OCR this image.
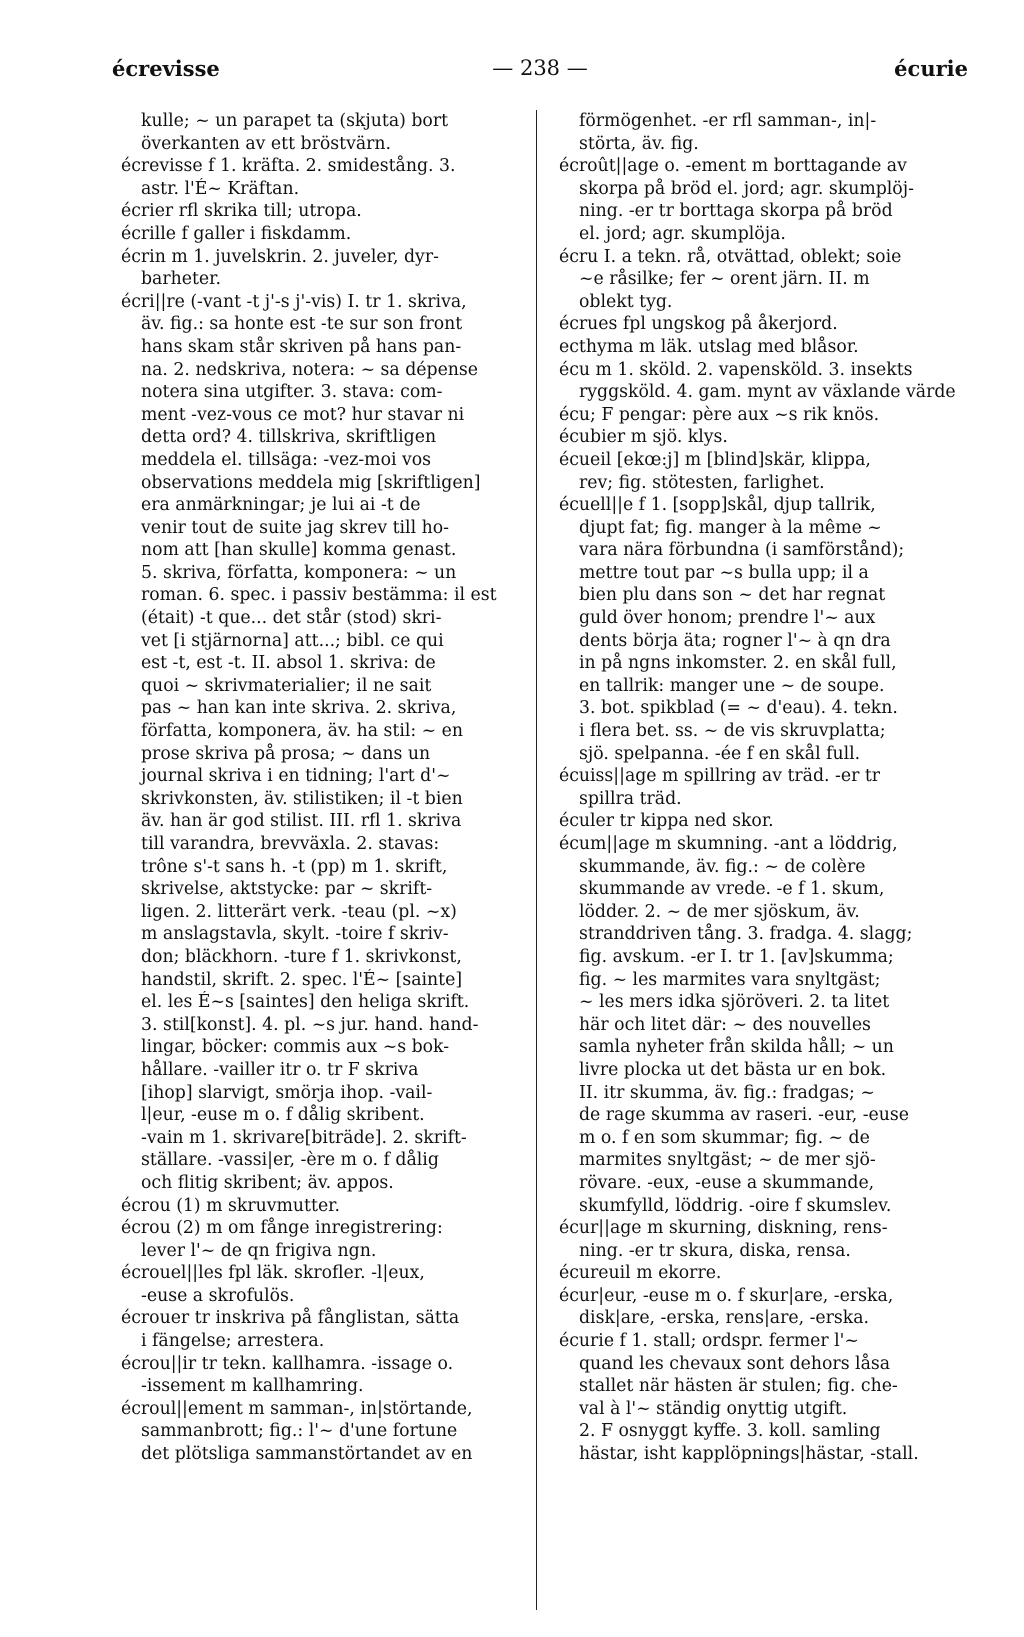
écrevisse	— 238 —	écurie
kulle; ~ un parapet ta (skjuta) bort
överkanten av ett bröstvärn.
écrevisse f 1. kräfta. 2. smidestång. 3.
astr. l'É~ Kräftan.
écrier rfl skrika till; utropa.
écrille f galler i fiskdamm.
écrin m 1. juvelskrin. 2. juveler, dyr-
barheter.
écri||re (-vant -t j'-s j'-vis) I. tr 1. skriva,
äv. fig.: sa honte est -te sur son front
hans skam står skriven på hans pan-
na. 2. nedskriva, notera: ~ sa dépense
notera sina utgifter. 3. stava: com-
ment -vez-vous ce mot? hur stavar ni
detta ord? 4. tillskriva, skriftligen
meddela el. tillsäga: -vez-moi vos
observations meddela mig [skriftligen]
era anmärkningar; je lui ai -t de
venir tout de suite jag skrev till ho-
nom att [han skulle] komma genast.
5. skriva, författa, komponera: ~ un
roman. 6. spec. i passiv bestämma: il est
(était) -t que... det står (stod) skri-
vet [i stjärnorna] att...; bibl. ce qui
est -t, est -t. II. absol 1. skriva: de
quoi ~ skrivmaterialier; il ne sait
pas ~ han kan inte skriva. 2. skriva,
författa, komponera, äv. ha stil: ~ en
prose skriva på prosa; ~ dans un
journal skriva i en tidning; l'art d'~
skrivkonsten, äv. stilistiken; il -t bien
äv. han är god stilist. III. rfl 1. skriva
till varandra, brevväxla. 2. stavas:
trône s'-t sans h. -t (pp) m 1. skrift,
skrivelse, aktstycke: par ~ skrift-
ligen. 2. litterärt verk. -teau (pl. ~x)
m anslagstavla, skylt. -toire f skriv-
don; bläckhorn. -ture f 1. skrivkonst,
handstil, skrift. 2. spec. l'É~ [sainte]
el. les É~s [saintes] den heliga skrift.
3. stil[konst]. 4. pl. ~s jur. hand. hand-
lingar, böcker: commis aux ~s bok-
hållare. -vailler itr o. tr F skriva
[ihop] slarvigt, smörja ihop. -vail-
l|eur, -euse m o. f dålig skribent.
-vain m 1. skrivare[biträde]. 2. skrift-
ställare. -vassi|er, -ère m o. f dålig
och flitig skribent; äv. appos.
écrou (1) m skruvmutter.
écrou (2) m om fånge inregistrering:
lever l'~ de qn frigiva ngn.
écrouel||les fpl läk. skrofler. -l|eux,
-euse a skrofulös.
écrouer tr inskriva på fånglistan, sätta
i fängelse; arrestera.
écrou||ir tr tekn. kallhamra. -issage o.
-issement m kallhamring.
écroul||ement m samman-, in|störtande,
sammanbrott; fig.: l'~ d'une fortune
det plötsliga sammanstörtandet av en
förmögenhet. -er rfl samman-, in|-
störta, äv. fig.
écroût||age o. -ement m borttagande av
skorpa på bröd el. jord; agr. skumplöj-
ning. -er tr borttaga skorpa på bröd
el. jord; agr. skumplöja.
écru I. a tekn. rå, otvättad, oblekt; soie
~e råsilke; fer ~ orent järn. II. m
oblekt tyg.
écrues fpl ungskog på åkerjord.
ecthyma m läk. utslag med blåsor.
écu m 1. sköld. 2. vapensköld. 3. insekts
ryggsköld. 4. gam. mynt av växlande värde
écu; F pengar: père aux ~s rik knös.
écubier m sjö. klys.
écueil [ekœ:j] m [blind]skär, klippa,
rev; fig. stötesten, farlighet.
écuell||e f 1. [sopp]skål, djup tallrik,
djupt fat; fig. manger à la même ~
vara nära förbundna (i samförstånd);
mettre tout par ~s bulla upp; il a
bien plu dans son ~ det har regnat
guld över honom; prendre l'~ aux
dents börja äta; rogner l'~ à qn dra
in på ngns inkomster. 2. en skål full,
en tallrik: manger une ~ de soupe.
3. bot. spikblad (= ~ d'eau). 4. tekn.
i flera bet. ss. ~ de vis skruvplatta;
sjö. spelpanna. -ée f en skål full.
écuiss||age m spillring av träd. -er tr
spillra träd.
éculer tr kippa ned skor.
écum||age m skumning. -ant a löddrig,
skummande, äv. fig.: ~ de colère
skummande av vrede. -e f 1. skum,
lödder. 2. ~ de mer sjöskum, äv.
stranddriven tång. 3. fradga. 4. slagg;
fig. avskum. -er I. tr 1. [av]skumma;
fig. ~ les marmites vara snyltgäst;
~ les mers idka sjöröveri. 2. ta litet
här och litet där: ~ des nouvelles
samla nyheter från skilda håll; ~ un
livre plocka ut det bästa ur en bok.
II. itr skumma, äv. fig.: fradgas; ~
de rage skumma av raseri. -eur, -euse
m o. f en som skummar; fig. ~ de
marmites snyltgäst; ~ de mer sjö-
rövare. -eux, -euse a skummande,
skumfylld, löddrig. -oire f skumslev.
écur||age m skurning, diskning, rens-
ning. -er tr skura, diska, rensa.
écureuil m ekorre.
écur|eur, -euse m o. f skur|are, -erska,
disk|are, -erska, rens|are, -erska.
écurie f 1. stall; ordspr. fermer l'~
quand les chevaux sont dehors låsa
stallet när hästen är stulen; fig. che-
val à l'~ ständig onyttig utgift.
2. F osnyggt kyffe. 3. koll. samling
hästar, isht kapplöpnings|hästar, -stall.
